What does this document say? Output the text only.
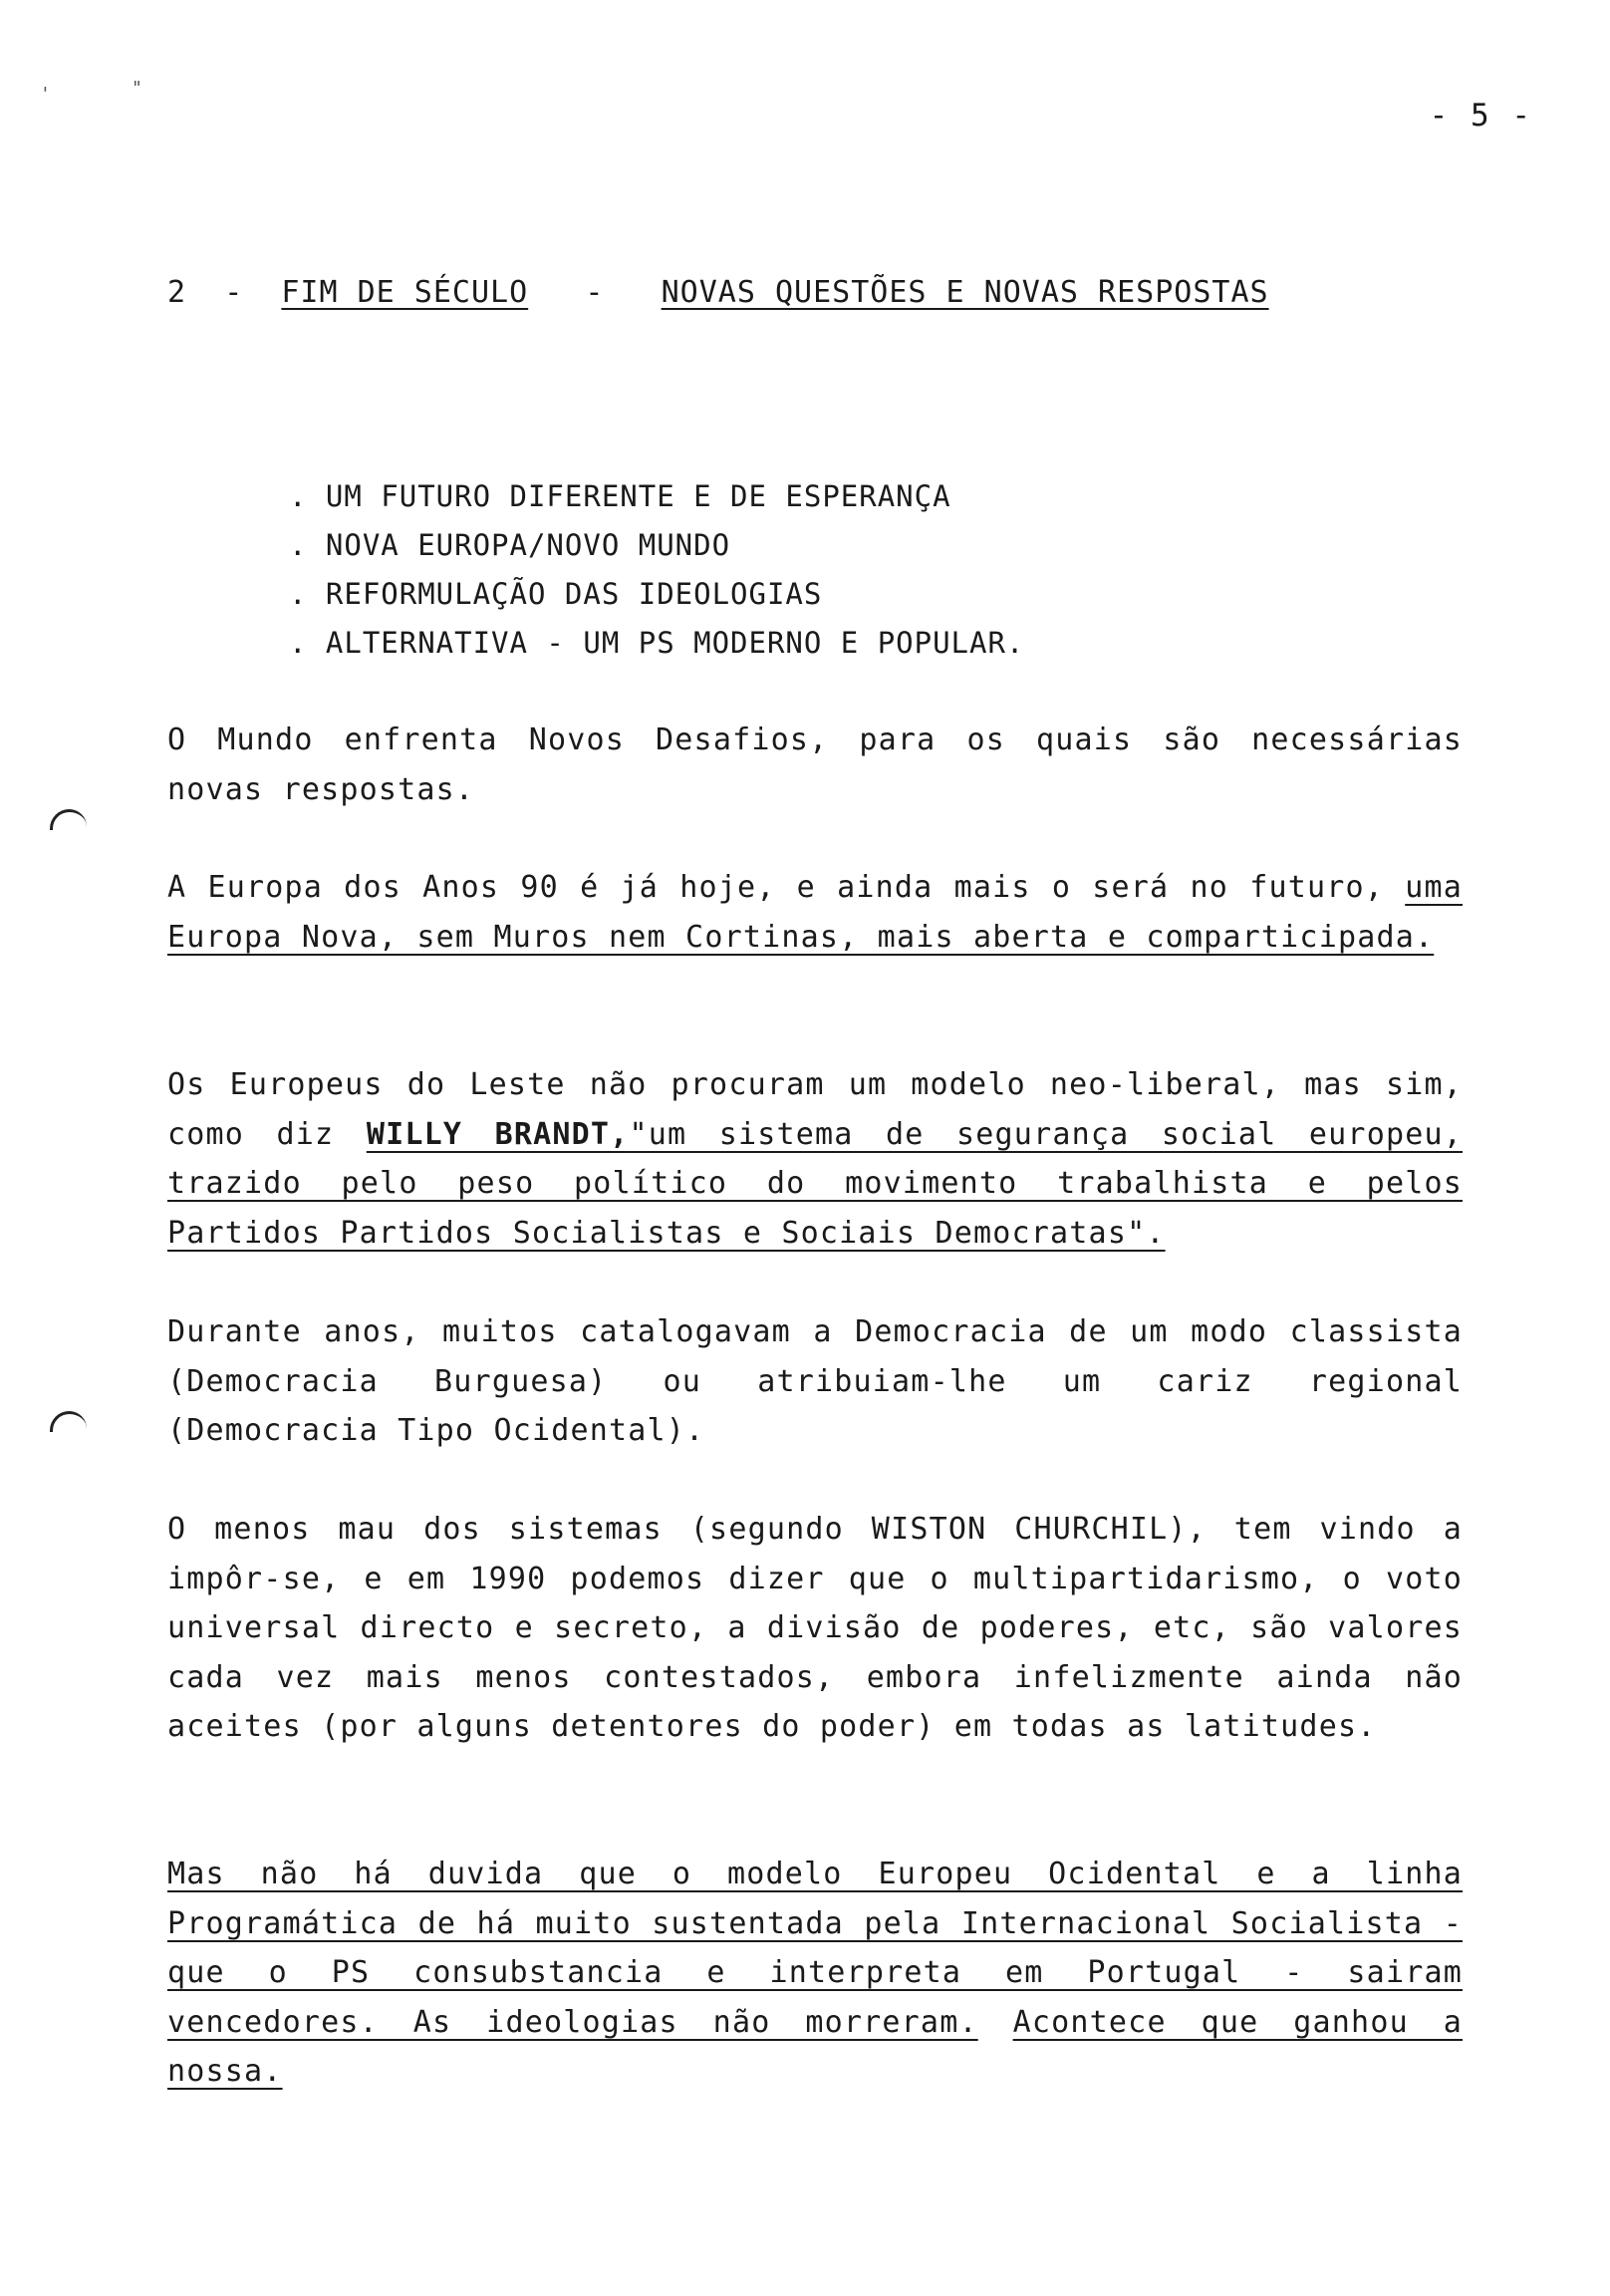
'	"
- 5 -
2 - FIM DE SÉCULO - NOVAS QUESTÕES E NOVAS RESPOSTAS
. UM FUTURO DIFERENTE E DE ESPERANÇA
. NOVA EUROPA/NOVO MUNDO
. REFORMULAÇÃO DAS IDEOLOGIAS
. ALTERNATIVA - UM PS MODERNO E POPULAR.

O Mundo enfrenta Novos Desafios, para os quais são necessárias novas respostas.

A Europa dos Anos 90 é já hoje, e ainda mais o será no futuro, uma Europa Nova, sem Muros nem Cortinas, mais aberta e comparticipada.

Os Europeus do Leste não procuram um modelo neo-liberal, mas sim, como diz WILLY BRANDT,"um sistema de segurança social europeu, trazido pelo peso político do movimento trabalhista e pelos Partidos Partidos Socialistas e Sociais Democratas".

Durante anos, muitos catalogavam a Democracia de um modo classista (Democracia Burguesa) ou atribuiam-lhe um cariz regional (Democracia Tipo Ocidental).

O menos mau dos sistemas (segundo WISTON CHURCHIL), tem vindo a impôr-se, e em 1990 podemos dizer que o multipartidarismo, o voto universal directo e secreto, a divisão de poderes, etc, são valores cada vez mais menos contestados, embora infelizmente ainda não aceites (por alguns detentores do poder) em todas as latitudes.

Mas não há duvida que o modelo Europeu Ocidental e a linha Programática de há muito sustentada pela Internacional Socialista - que o PS consubstancia e interpreta em Portugal - sairam vencedores. As ideologias não morreram. Acontece que ganhou a nossa.
